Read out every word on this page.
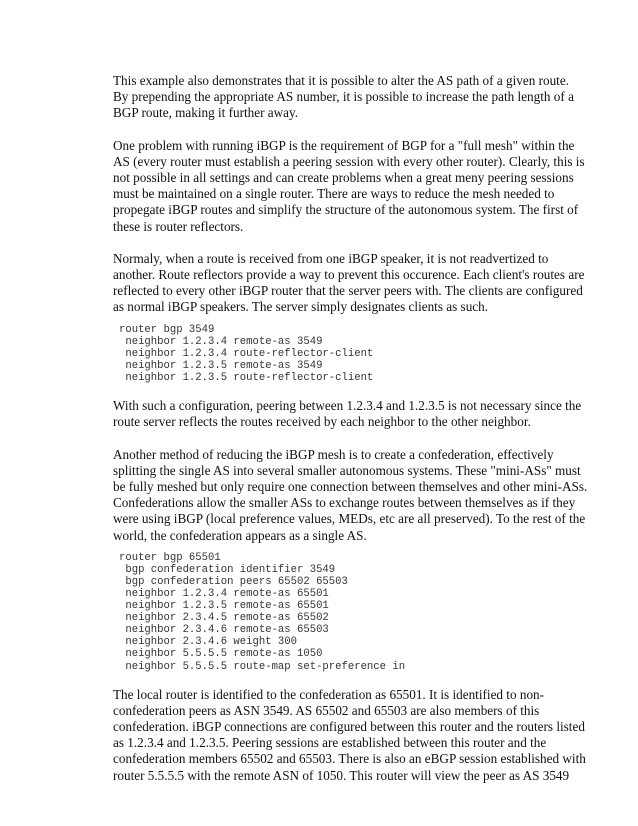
This example also demonstrates that it is possible to alter the AS path of a given route.
By prepending the appropriate AS number, it is possible to increase the path length of a
BGP route, making it further away.
One problem with running iBGP is the requirement of BGP for a "full mesh" within the
AS (every router must establish a peering session with every other router). Clearly, this is
not possible in all settings and can create problems when a great meny peering sessions
must be maintained on a single router. There are ways to reduce the mesh needed to
propegate iBGP routes and simplify the structure of the autonomous system. The first of
these is router reflectors.
Normaly, when a route is received from one iBGP speaker, it is not readvertized to
another. Route reflectors provide a way to prevent this occurence. Each client's routes are
reflected to every other iBGP router that the server peers with. The clients are configured
as normal iBGP speakers. The server simply designates clients as such.
router bgp 3549
neighbor 1.2.3.4 remote-as 3549
neighbor 1.2.3.4 route-reflector-client
neighbor 1.2.3.5 remote-as 3549
neighbor 1.2.3.5 route-reflector-client
With such a configuration, peering between 1.2.3.4 and 1.2.3.5 is not necessary since the
route server reflects the routes received by each neighbor to the other neighbor.
Another method of reducing the iBGP mesh is to create a confederation, effectively
splitting the single AS into several smaller autonomous systems. These "mini-ASs" must
be fully meshed but only require one connection between themselves and other mini-ASs.
Confederations allow the smaller ASs to exchange routes between themselves as if they
were using iBGP (local preference values, MEDs, etc are all preserved). To the rest of the
world, the confederation appears as a single AS.
router bgp 65501
bgp confederation identifier 3549
bgp confederation peers 65502 65503
neighbor 1.2.3.4 remote-as 65501
neighbor 1.2.3.5 remote-as 65501
neighbor 2.3.4.5 remote-as 65502
neighbor 2.3.4.6 remote-as 65503
neighbor 2.3.4.6 weight 300
neighbor 5.5.5.5 remote-as 1050
neighbor 5.5.5.5 route-map set-preference in
The local router is identified to the confederation as 65501. It is identified to non-
confederation peers as ASN 3549. AS 65502 and 65503 are also members of this
confederation. iBGP connections are configured between this router and the routers listed
as 1.2.3.4 and 1.2.3.5. Peering sessions are established between this router and the
confederation members 65502 and 65503. There is also an eBGP session established with
router 5.5.5.5 with the remote ASN of 1050. This router will view the peer as AS 3549
